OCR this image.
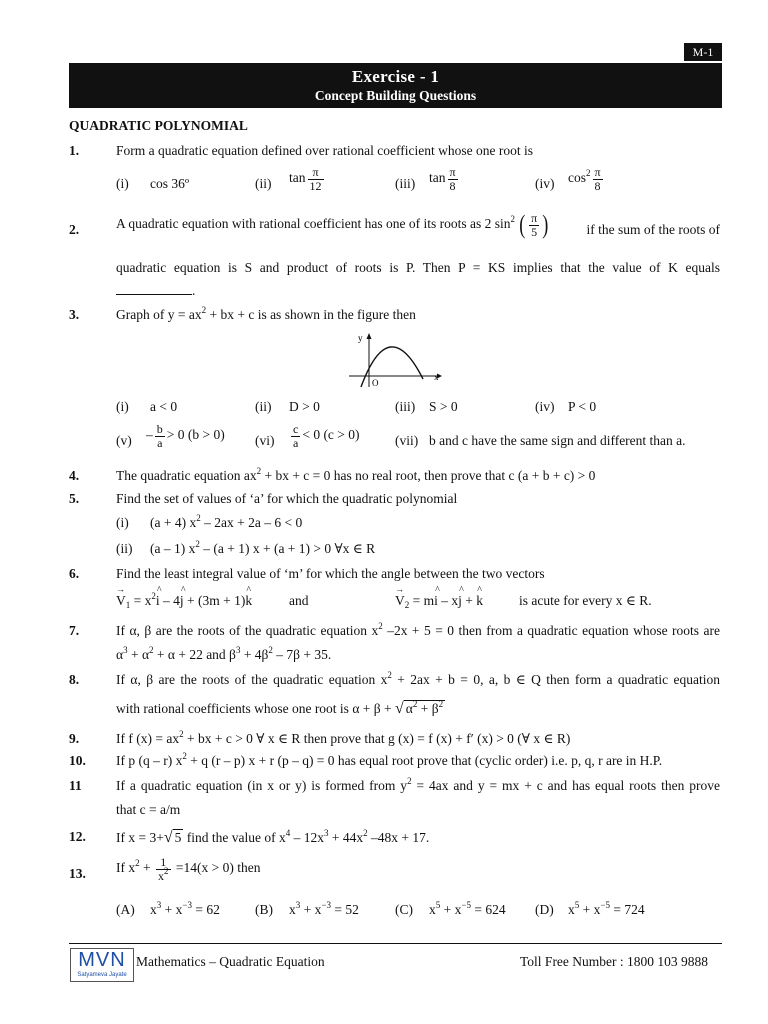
M-1
Exercise - 1
Concept Building Questions
QUADRATIC POLYNOMIAL
1.	Form a quadratic equation defined over rational coefficient whose one root is
(i) cos 36º	(ii) $\tan \frac{\pi}{12}$	(iii) $\tan \frac{\pi}{8}$	(iv) $\cos^2 \frac{\pi}{8}$
2.	A quadratic equation with rational coefficient has one of its roots as 2 $\sin^2$ ( $\frac{\pi}{5}$ )	if the sum of the roots of
quadratic equation is S and product of roots is P. Then P = KS implies that the value of K equals
.
3.	Graph of $y = ax^2$ + bx + c is as shown in the figure then
y
x
O
(i) a < 0	(ii) D > 0	(iii) S > 0	(iv) P < 0
$(v) - \frac{b}{a} > 0$ (b > 0) $(vi) \frac{c}{a} < 0$ (c > 0)	(vii) b and c have the same sign and different than a.
4.	The quadratic equation $ax^2$ + bx + c = 0 has no real root, then prove that c (a + b + c) > 0
5.	Find the set of values of ‘a’ for which the quadratic polynomial
(i) (a + 4) $x^2 - 2ax + 2a - 6 < 0$
(ii) (a – 1) $x^2 - (a + 1) x + (a + 1) > 0$ ∀x ∈ R
6.	Find the least integral value of ‘m’ for which the angle between the two vectors
→ $V_1$ = $x^2\^{}$ i – 4^ j + (3m + 1)^ k	and
→	$V_2$ = m^ i – x^ j + ^ k	is acute for every x ∈ R.
7.	If α, β are the roots of the quadratic equation $x^2$ –2x + 5 = 0 then from a quadratic equation whose roots are
$\alpha^3 + \alpha^2 + \alpha + 22$ and $\beta^3 + 4\beta^2 - 7\beta + 35$.
8.	If α, β are the roots of the quadratic equation $x^2 + 2ax + b = 0$, a, b ∈ Q then form a quadratic equation
with rational coefficients whose one root is α + β + √ $\alpha^2 + \beta^2$
9.	If f $(x) = ax^2$ + bx + c > 0 ∀ x ∈ R then prove that g (x) = f (x) + f′ (x) > 0 (∀ x ∈ R)
10. If p (q – r) $x^2 + q$ (r – p) x + r (p – q) = 0 has equal root prove that (cyclic order) i.e. p, q, r are in H.P.
11	If a quadratic equation (in x or y) is formed from $y^2 = 4ax$ and y = mx + c and has equal roots then prove
that c = a/m
12. If x = 3+√ 5 find the value of $x^4 - 12x^3 + 44x^2$ –48x + 17.
13. If $x^2 + \frac{1}{x^2} =14(x > 0)$ then
(A) $x^3 + x^{-3} = 62$	(B) $x^3 + x^{-3} = 52$	(C) $x^5 + x^{-5} = 624$ (D) $x^5 + x^{-5} = 724$
MVN
Satyameva Jayate
Mathematics – Quadratic Equation	Toll Free Number : 1800 103 9888
